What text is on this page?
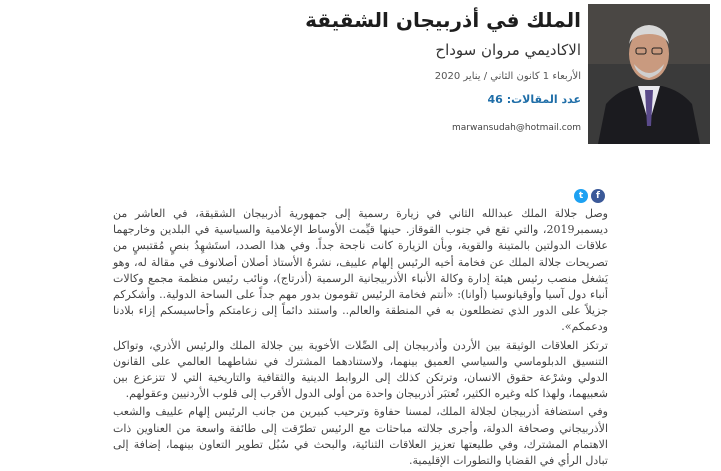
الملك في أذربيجان الشقيقة
الاكاديمي مروان سوداح
الأربعاء 1 كانون الثاني / يناير 2020
عدد المقالات: 46
marwansudah@hotmail.com
t	f

وصل جلالة الملك عبدالله الثاني في زيارة رسمية إلى جمهورية أذربيجان الشقيقة، في العاشر من ديسمبر2019، والتي تقع في جنوب القوقاز. حينها قيِّمت الأوساط الإعلامية والسياسية في البلدين وخارجهما علاقات الدولتين بالمتينة والقوية، وبأن الزيارة كانت ناجحة جداً. وفي هذا الصدد، استَشهِدُ بنصٍ مُقتبسٍ من تصريحات جلالة الملك عن فخامة أخيه الرئيس إلهام علييف، نشرهُ الأستاذ أصلان أصلانوف في مقالة له، وهو يَشغل منصب رئيس هيئة إدارة وكالة الأنباء الأذربيجانية الرسمية (أذرتاج)، ونائب رئيس منظمة مجمع وكالات أنباء دول آسيا وأوقيانوسيا (أوانا): «أنتم فخامة الرئيس تقومون بدور مهم جداً على الساحة الدولية.. وأشكركم جزيلاً على الدور الذي تضطلعون به في المنطقة والعالم.. واستند دائماً إلى زعامتكم وأحاسيسكم إزاء بلادنا ودعمكم».

ترتكز العلاقات الوثيقة بين الأردن وأذربيجان إلى الصِّلات الأخوية بين جلالة الملك والرئيس الأذري، وتواكل التنسيق الدبلوماسي والسياسي العميق بينهما، ولاستنادهما المشترك في نشاطهما العالمي على القانون الدولي وشرْعة حقوق الانسان، وترتكن كذلك إلى الروابط الدينية والثقافية والتاريخية التي لا تتزعزع بين شعبيهما، ولهذا كله وغيره الكثير، تُعتبَر أذربيجان واحدة من أولى الدول الأقرب إلى قلوب الأردنيين وعقولهم.

وفي استضافة أذربيجان لجلالة الملك، لمسنا حفاوة وترحيب كبيرين من جانب الرئيس إلهام علييف والشعب الأذربيجاني وصحافة الدولة، وأجرى جلالته مباحثات مع الرئيس تطرّقت إلى طائفة واسعة من العناوين ذات الاهتمام المشترك، وفي طليعتها تعزيز العلاقات الثنائية، والبحث في سُبُل تطوير التعاون بينهما، إضافة إلى تبادل الرأي في القضايا والتطورات الإقليمية.
